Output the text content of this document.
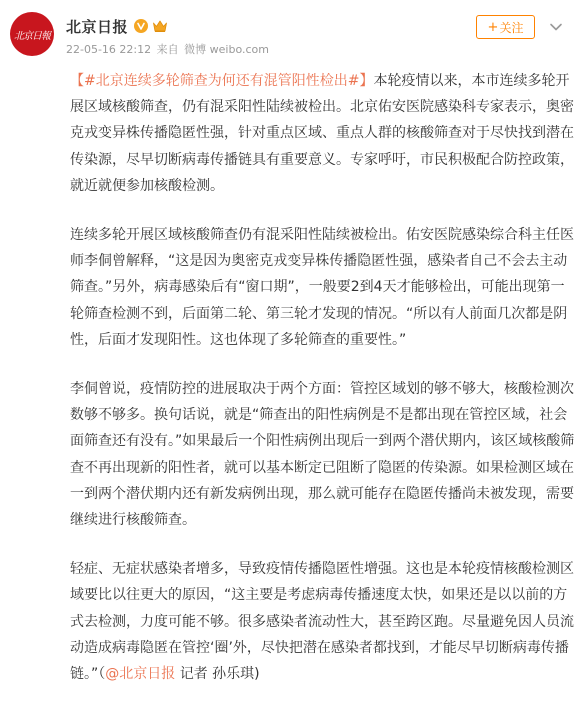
北京日報
北京日报
22-05-16 22:12 来自 微博 weibo.com
+ 关注

【#北京连续多轮筛查为何还有混管阳性检出#】本轮疫情以来，本市连续多轮开展区域核酸筛查，仍有混采阳性陆续被检出。北京佑安医院感染科专家表示，奥密克戎变异株传播隐匿性强，针对重点区域、重点人群的核酸筛查对于尽快找到潜在传染源，尽早切断病毒传播链具有重要意义。专家呼吁，市民积极配合防控政策，就近就便参加核酸检测。

连续多轮开展区域核酸筛查仍有混采阳性陆续被检出。佑安医院感染综合科主任医师李侗曾解释，“这是因为奥密克戎变异株传播隐匿性强，感染者自己不会去主动筛查。”另外，病毒感染后有“窗口期”，一般要2到4天才能够检出，可能出现第一轮筛查检测不到，后面第二轮、第三轮才发现的情况。“所以有人前面几次都是阴性，后面才发现阳性。这也体现了多轮筛查的重要性。”

李侗曾说，疫情防控的进展取决于两个方面：管控区域划的够不够大，核酸检测次数够不够多。换句话说，就是“筛查出的阳性病例是不是都出现在管控区域，社会面筛查还有没有。”如果最后一个阳性病例出现后一到两个潜伏期内，该区域核酸筛查不再出现新的阳性者，就可以基本断定已阻断了隐匿的传染源。如果检测区域在一到两个潜伏期内还有新发病例出现，那么就可能存在隐匿传播尚未被发现，需要继续进行核酸筛查。

轻症、无症状感染者增多，导致疫情传播隐匿性增强。这也是本轮疫情核酸检测区域要比以往更大的原因，“这主要是考虑病毒传播速度太快，如果还是以以前的方式去检测，力度可能不够。很多感染者流动性大，甚至跨区跑。尽量避免因人员流动造成病毒隐匿在管控‘圈’外，尽快把潜在感染者都找到，才能尽早切断病毒传播链。”（@北京日报 记者 孙乐琪)
